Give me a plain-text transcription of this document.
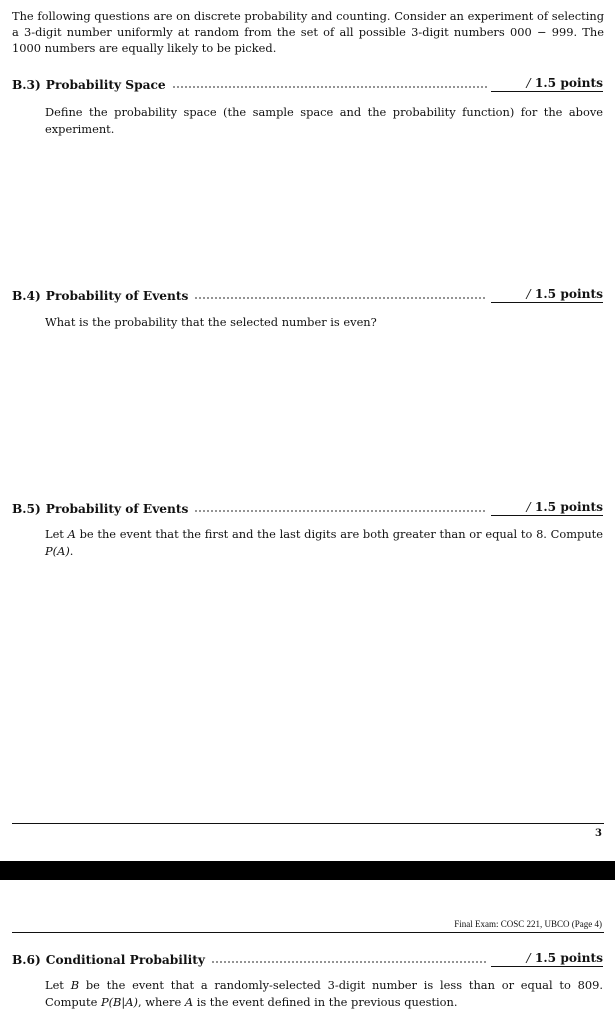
The following questions are on discrete probability and counting. Consider an experiment of selecting a 3-digit number uniformly at random from the set of all possible 3-digit numbers 000 − 999. The 1000 numbers are equally likely to be picked.
B.3) Probability Space	/ 1.5 points
Define the probability space (the sample space and the probability function) for the above experiment.
B.4) Probability of Events	/ 1.5 points
What is the probability that the selected number is even?
B.5) Probability of Events	/ 1.5 points
Let A be the event that the first and the last digits are both greater than or equal to 8. Compute P(A).
3
Final Exam: COSC 221, UBCO (Page 4)
B.6) Conditional Probability	/ 1.5 points
Let B be the event that a randomly-selected 3-digit number is less than or equal to 809. Compute P(B|A), where A is the event defined in the previous question.
